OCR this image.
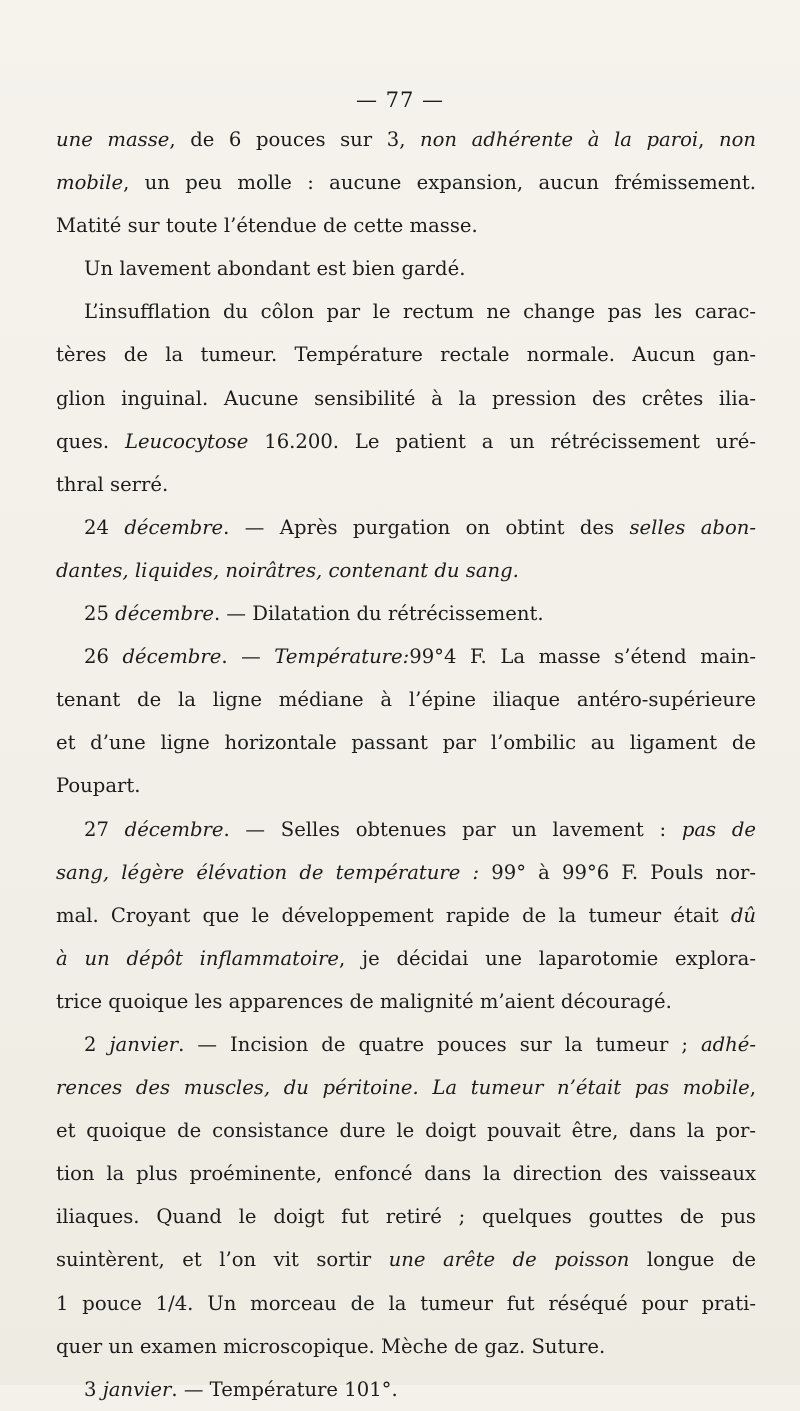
— 77 —
une masse, de 6 pouces sur 3, non adhérente à la paroi, non
mobile, un peu molle : aucune expansion, aucun frémissement.
Matité sur toute l’étendue de cette masse.
Un lavement abondant est bien gardé.
L’insufflation du côlon par le rectum ne change pas les carac-
tères de la tumeur. Température rectale normale. Aucun gan-
glion inguinal. Aucune sensibilité à la pression des crêtes ilia-
ques. Leucocytose 16.200. Le patient a un rétrécissement uré-
thral serré.
24 décembre. — Après purgation on obtint des selles abon-
dantes, liquides, noirâtres, contenant du sang.
25 décembre. — Dilatation du rétrécissement.
26 décembre. — Température:99°4 F. La masse s’étend main-
tenant de la ligne médiane à l’épine iliaque antéro-supérieure
et d’une ligne horizontale passant par l’ombilic au ligament de
Poupart.
27 décembre. — Selles obtenues par un lavement : pas de
sang, légère élévation de température : 99° à 99°6 F. Pouls nor-
mal. Croyant que le développement rapide de la tumeur était dû
à un dépôt inflammatoire, je décidai une laparotomie explora-
trice quoique les apparences de malignité m’aient découragé.
2 janvier. — Incision de quatre pouces sur la tumeur ; adhé-
rences des muscles, du péritoine. La tumeur n’était pas mobile,
et quoique de consistance dure le doigt pouvait être, dans la por-
tion la plus proéminente, enfoncé dans la direction des vaisseaux
iliaques. Quand le doigt fut retiré ; quelques gouttes de pus
suintèrent, et l’on vit sortir une arête de poisson longue de
1 pouce 1/4. Un morceau de la tumeur fut réséqué pour prati-
quer un examen microscopique. Mèche de gaz. Suture.
3 janvier. — Température 101°.
